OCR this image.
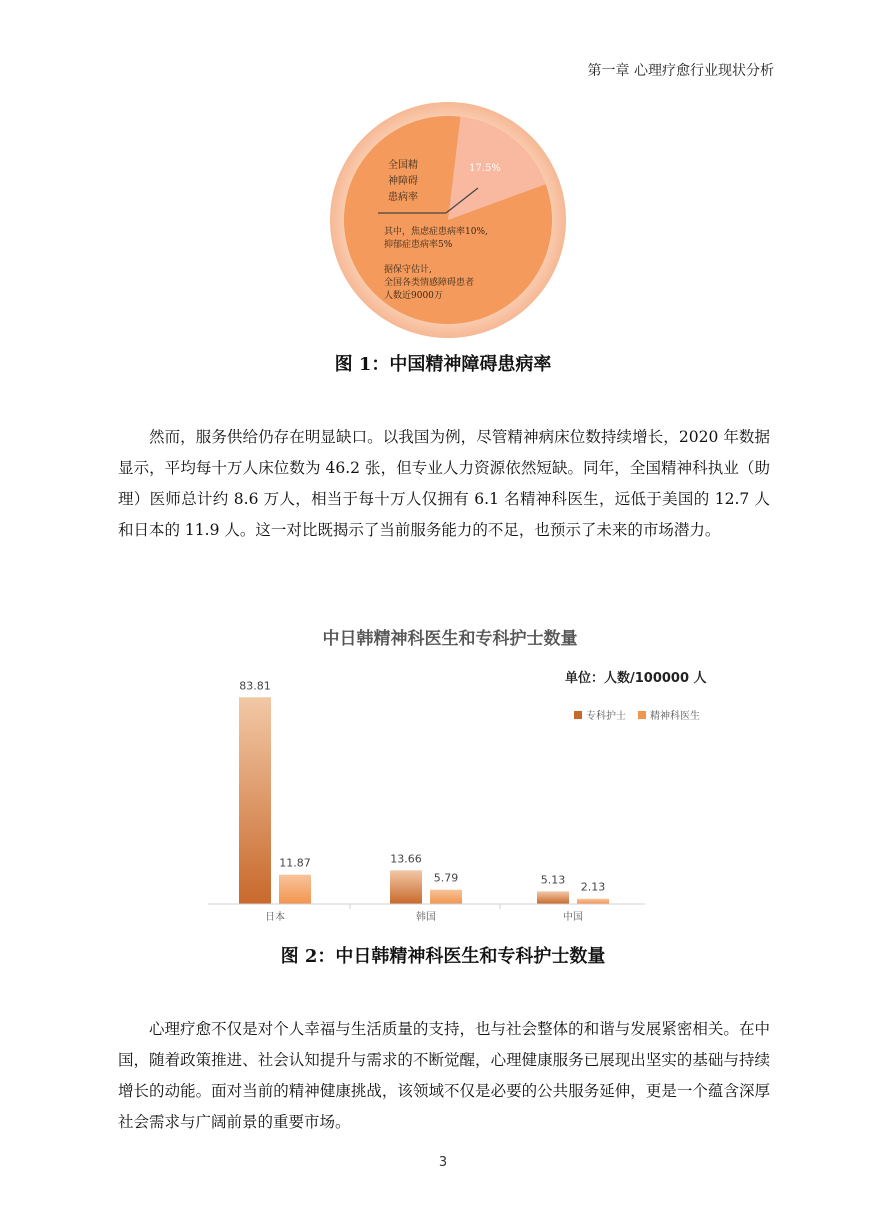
第一章 心理疗愈行业现状分析
17.5%
全国精
神障碍
患病率
其中，焦虑症患病率10%,
抑郁症患病率5%
据保守估计,
全国各类情感障碍患者
人数近9000万
图 1：中国精神障碍患病率

然而，服务供给仍存在明显缺口。以我国为例，尽管精神病床位数持续增长，2020 年数据显示，平均每十万人床位数为 46.2 张，但专业人力资源依然短缺。同年，全国精神科执业（助理）医师总计约 8.6 万人，相当于每十万人仅拥有 6.1 名精神科医生，远低于美国的 12.7 人和日本的 11.9 人。这一对比既揭示了当前服务能力的不足，也预示了未来的市场潜力。

中日韩精神科医生和专科护士数量
单位：人数/100000 人
专科护士 精神科医生
83.81
11.87
日本
13.66
5.79
韩国
5.13
2.13
中国
图 2：中日韩精神科医生和专科护士数量

心理疗愈不仅是对个人幸福与生活质量的支持，也与社会整体的和谐与发展紧密相关。在中国，随着政策推进、社会认知提升与需求的不断觉醒，心理健康服务已展现出坚实的基础与持续增长的动能。面对当前的精神健康挑战，该领域不仅是必要的公共服务延伸，更是一个蕴含深厚社会需求与广阔前景的重要市场。

3
